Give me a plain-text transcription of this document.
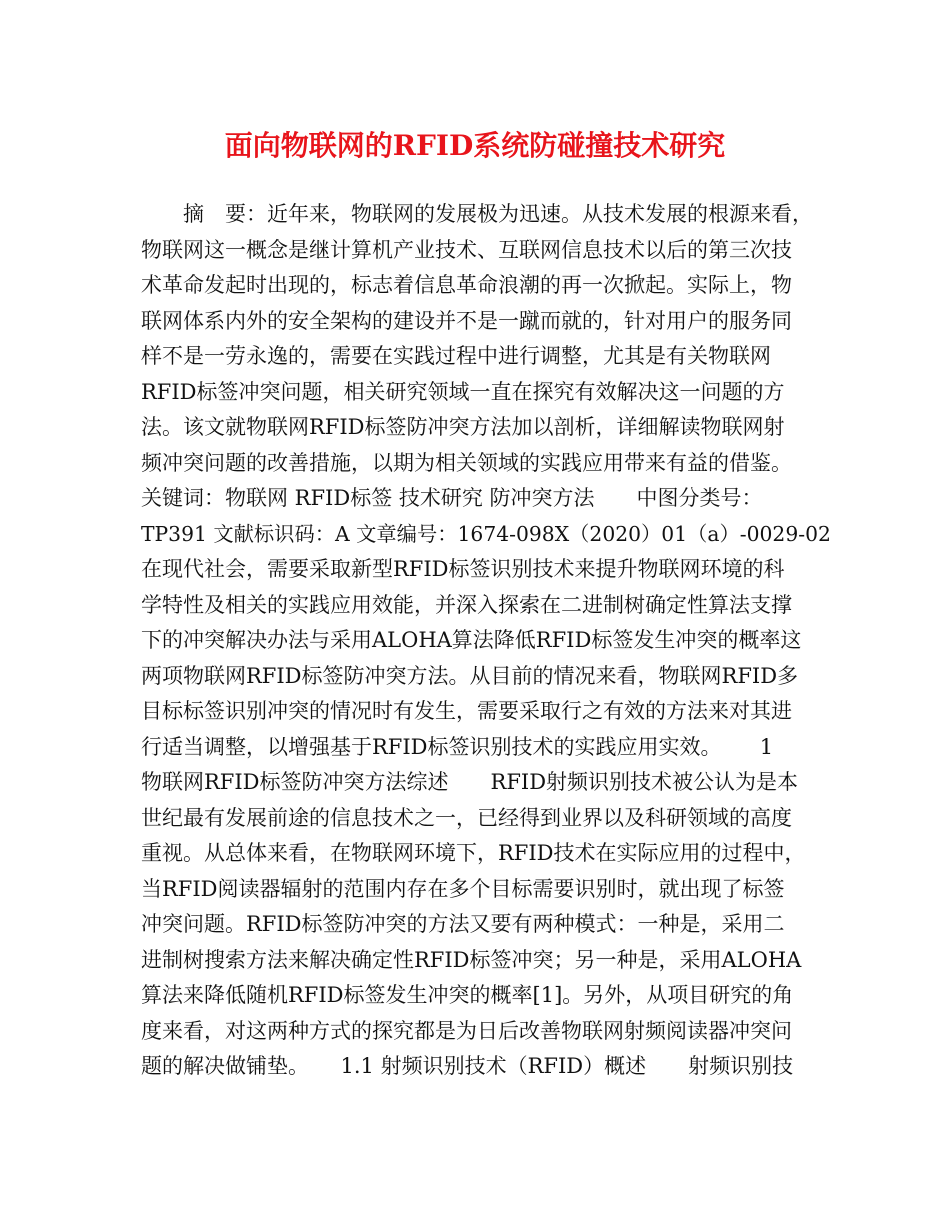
面向物联网的RFID系统防碰撞技术研究
　　摘　要：近年来，物联网的发展极为迅速。从技术发展的根源来看，
物联网这一概念是继计算机产业技术、互联网信息技术以后的第三次技
术革命发起时出现的，标志着信息革命浪潮的再一次掀起。实际上，物
联网体系内外的安全架构的建设并不是一蹴而就的，针对用户的服务同
样不是一劳永逸的，需要在实践过程中进行调整，尤其是有关物联网
RFID标签冲突问题，相关研究领域一直在探究有效解决这一问题的方
法。该文就物联网RFID标签防冲突方法加以剖析，详细解读物联网射
频冲突问题的改善措施，以期为相关领域的实践应用带来有益的借鉴。
关键词：物联网 RFID标签 技术研究 防冲突方法　　中图分类号：
TP391 文献标识码：A 文章编号：1674-098X（2020）01（a）-0029-02
在现代社会，需要采取新型RFID标签识别技术来提升物联网环境的科
学特性及相关的实践应用效能，并深入探索在二进制树确定性算法支撑
下的冲突解决办法与采用ALOHA算法降低RFID标签发生冲突的概率这
两项物联网RFID标签防冲突方法。从目前的情况来看，物联网RFID多
目标标签识别冲突的情况时有发生，需要采取行之有效的方法来对其进
行适当调整，以增强基于RFID标签识别技术的实践应用实效。　　 1
物联网RFID标签防冲突方法综述　　RFID射频识别技术被公认为是本
世纪最有发展前途的信息技术之一，已经得到业界以及科研领域的高度
重视。从总体来看，在物联网环境下，RFID技术在实际应用的过程中，
当RFID阅读器辐射的范围内存在多个目标需要识别时，就出现了标签
冲突问题。RFID标签防冲突的方法又要有两种模式：一种是，采用二
进制树搜索方法来解决确定性RFID标签冲突；另一种是，采用ALOHA
算法来降低随机RFID标签发生冲突的概率[1]。另外，从项目研究的角
度来看，对这两种方式的探究都是为日后改善物联网射频阅读器冲突问
题的解决做铺垫。　　1.1 射频识别技术（RFID）概述　　射频识别技
